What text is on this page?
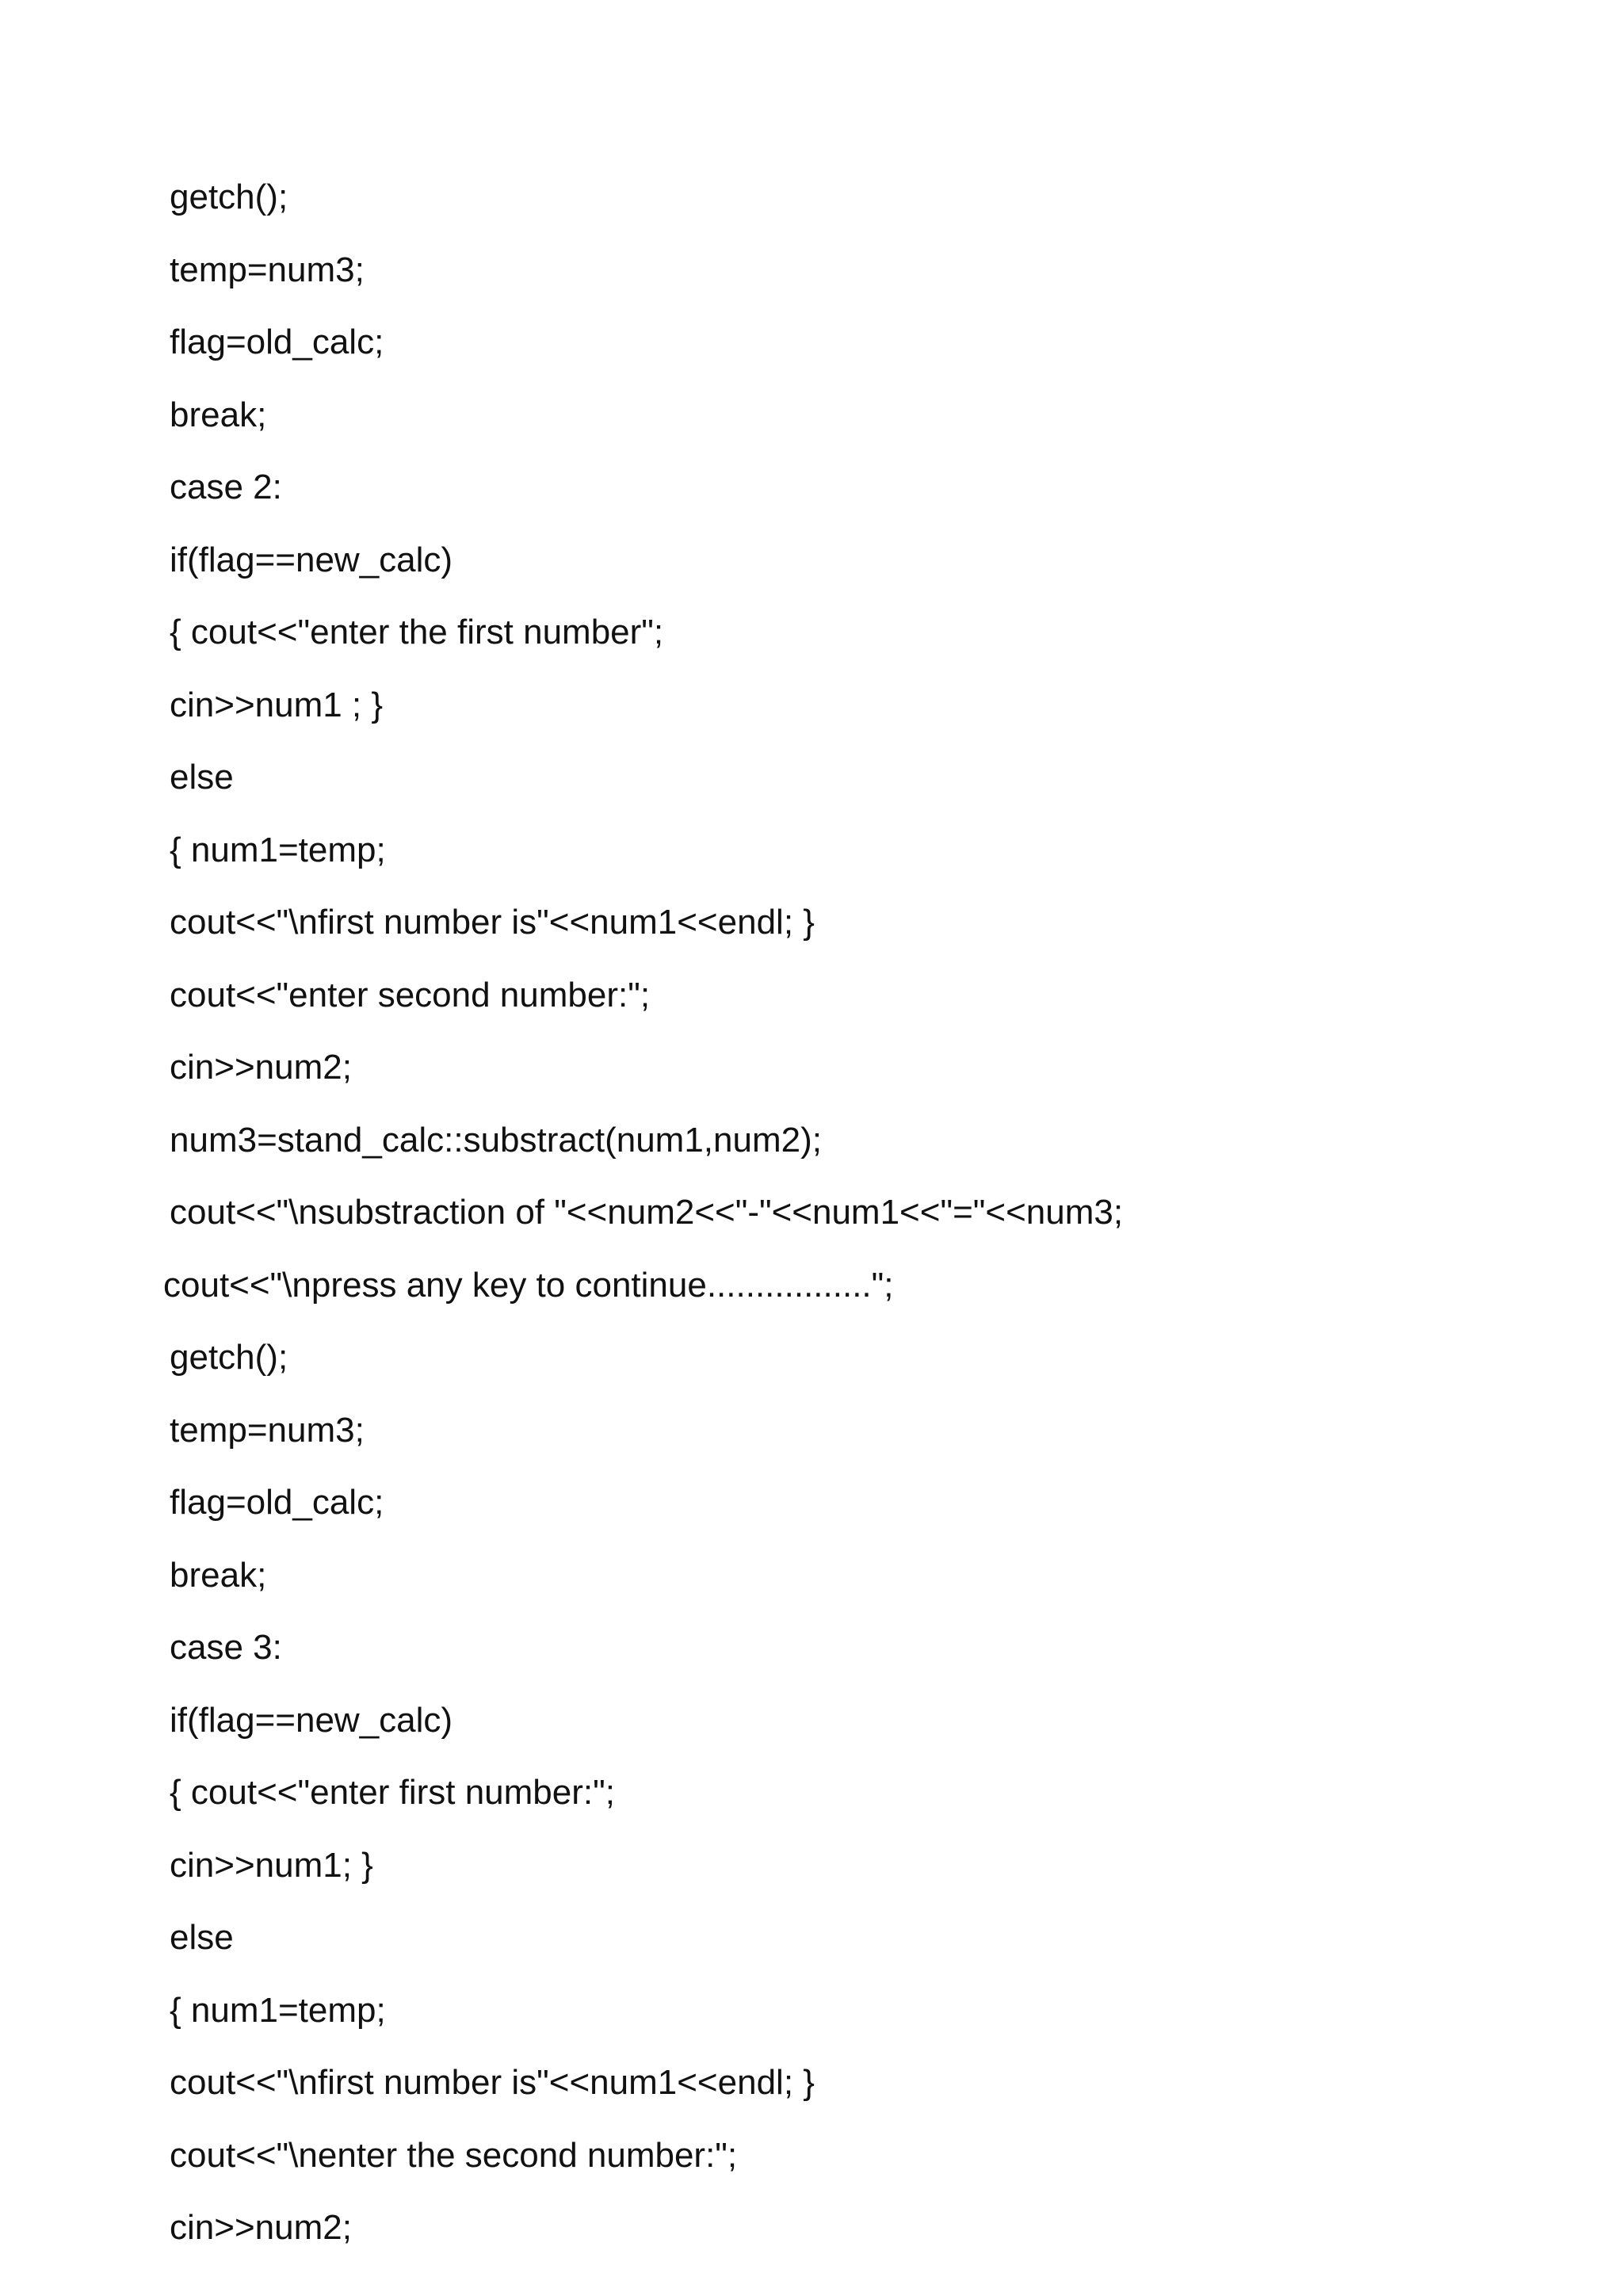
getch();
temp=num3;
flag=old_calc;
break;
case 2:
if(flag==new_calc)
{ cout<<"enter the first number";
cin>>num1 ; }
else
{ num1=temp;
cout<<"\nfirst number is"<<num1<<endl; }
cout<<"enter second number:";
cin>>num2;
num3=stand_calc::substract(num1,num2);
cout<<"\nsubstraction of "<<num2<<"-"<<num1<<"="<<num3;
cout<<"\npress any key to continue.................";
getch();
temp=num3;
flag=old_calc;
break;
case 3:
if(flag==new_calc)
{ cout<<"enter first number:";
cin>>num1; }
else
{ num1=temp;
cout<<"\nfirst number is"<<num1<<endl; }
cout<<"\nenter the second number:";
cin>>num2;
